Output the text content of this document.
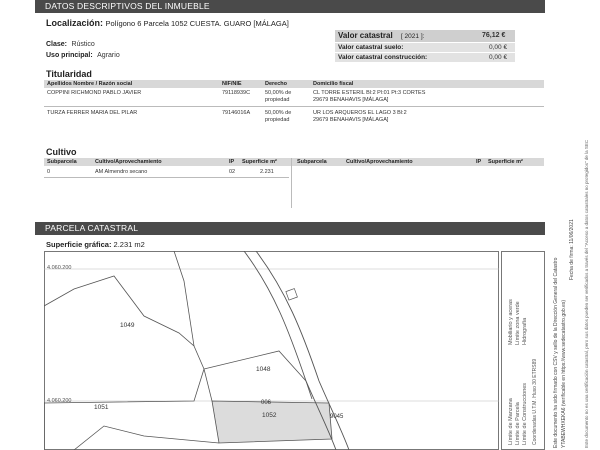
DATOS DESCRIPTIVOS DEL INMUEBLE
Localización: Polígono 6 Parcela 1052 CUESTA. GUARO [MÁLAGA]
Clase: Rústico
Uso principal: Agrario
Valor catastral [ 2021 ]:	76,12 €
Valor catastral suelo:	0,00 €
Valor catastral construcción:	0,00 €
Titularidad
Apellidos Nombre / Razón social	NIF/NIE	Derecho	Domicilio fiscal
COPPINI RICHMOND PABLO JAVIER	79118939C	50,00% de
propiedad
CL TORRE ESTERIL Bl:2 Pl:01 Pt:3 CORTES
29679 BENAHAVIS [MÁLAGA]
TURZA FERRER MARIA DEL PILAR	79146016A	50,00% de
propiedad
UR LOS ARQUEROS EL LAGO 3 Bl:2
29679 BENAHAVIS [MÁLAGA]
Cultivo
Subparcela	Cultivo/Aprovechamiento	IP Superficie m²	Subparcela	Cultivo/Aprovechamiento	IP Superficie m²
0	AM Almendro secano	02	2.231
PARCELA CATASTRAL
Superficie gráfica: 2.231 m2
4.060.200
4.060.200
1049
1048
1051
1052
006
9045	Límite de Manzana Límite de Parcela Límite de Construcciones
Mobiliario y aceras Límite zona verde Hidrografía
Coordenadas U.T.M. Huso 30 ETRS89	Este documento ha sido firmado con CSV y sello de la Dirección General del Catastro YTABEWHXEKA6 (verificable en https://www.sedecatastro.gob.es)
Fecha de firma: 11/06/2021 Este documento no es una certificación catastral, pero sus datos pueden ser verificados a través del "Acceso a datos catastrales no protegidos" de la SEC
